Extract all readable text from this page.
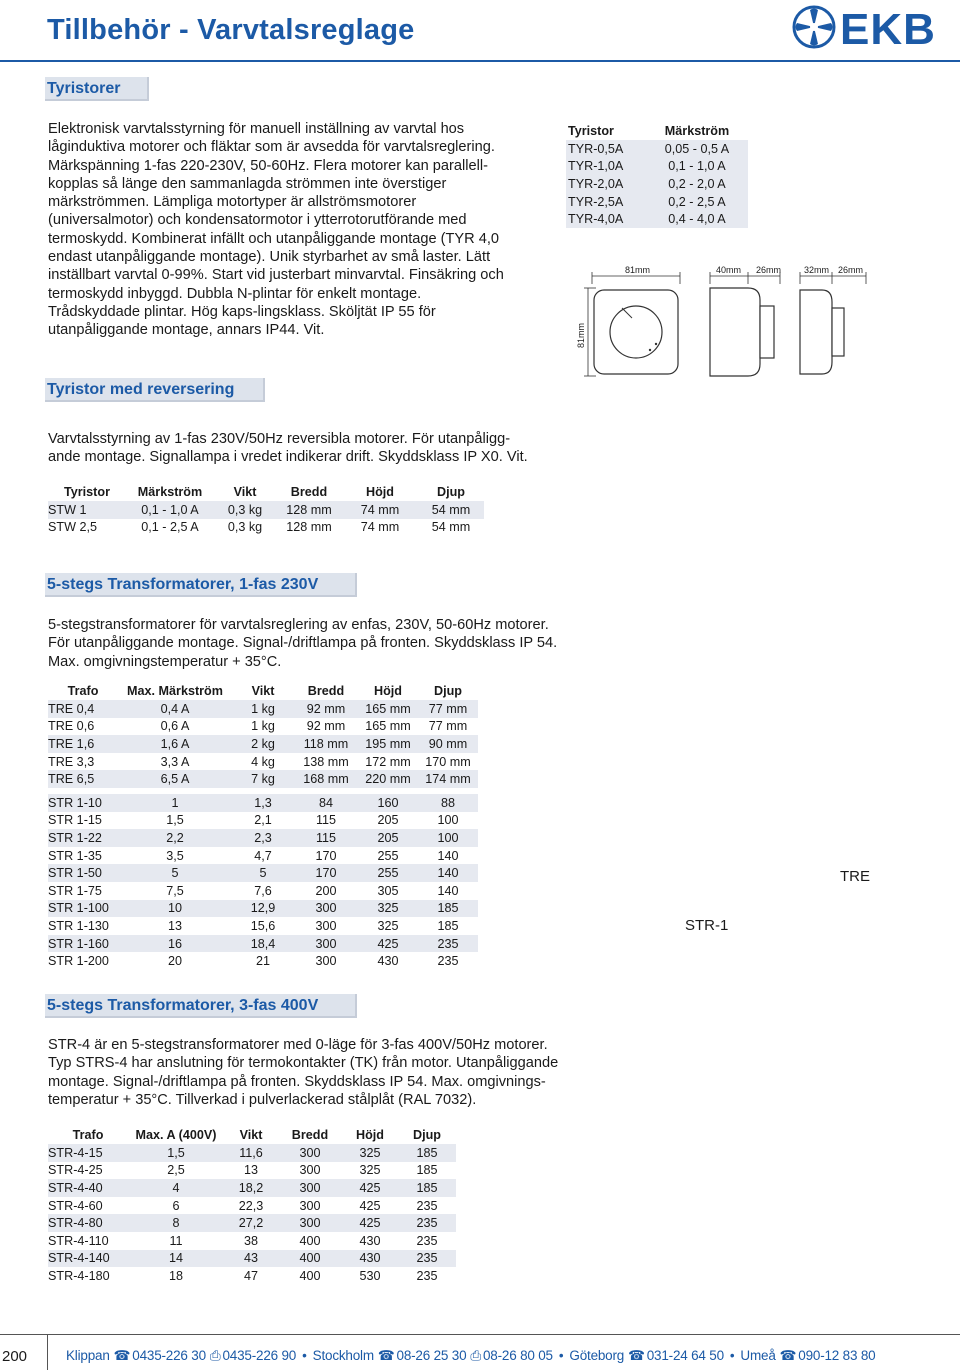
Tillbehör - Varvtalsreglage	EKB
Tyristorer
Elektronisk varvtalsstyrning för manuell inställning av varvtal hos
låginduktiva motorer och fläktar som är avsedda för varvtalsreglering.
Märkspänning 1-fas 220-230V, 50-60Hz. Flera motorer kan parallell-
kopplas så länge den sammanlagda strömmen inte överstiger
märkströmmen. Lämpliga motortyper är allströmsmotorer
(universalmotor) och kondensatormotor i ytterrotorutförande med
termoskydd. Kombinerat infällt och utanpåliggande montage (TYR 4,0
endast utanpåliggande montage). Unik styrbarhet av små laster. Lätt
inställbart varvtal 0-99%. Start vid justerbart minvarvtal. Finsäkring och
termoskydd inbyggd. Dubbla N-plintar för enkelt montage.
Trådskyddade plintar. Hög kaps-lingsklass. Sköljtät IP 55 för
utanpåliggande montage, annars IP44. Vit.
Tyristor	Märkström
TYR-0,5A	0,05 - 0,5 A
TYR-1,0A	0,1 - 1,0 A
TYR-2,0A	0,2 - 2,0 A
TYR-2,5A	0,2 - 2,5 A
TYR-4,0A	0,4 - 4,0 A
81mm
81mm
40mm 26mm	32mm 26mm
Tyristor med reversering
Varvtalsstyrning av 1-fas 230V/50Hz reversibla motorer. För utanpåligg-
ande montage. Signallampa i vredet indikerar drift. Skyddsklass IP X0. Vit.
Tyristor	Märkström	Vikt	Bredd	Höjd	Djup
STW 1	0,1 - 1,0 A	0,3 kg	128 mm	74 mm	54 mm
STW 2,5	0,1 - 2,5 A	0,3 kg	128 mm	74 mm	54 mm
5-stegs Transformatorer, 1-fas 230V
5-stegstransformatorer för varvtalsreglering av enfas, 230V, 50-60Hz motorer.
För utanpåliggande montage. Signal-/driftlampa på fronten. Skyddsklass IP 54.
Max. omgivningstemperatur + 35°C.
Trafo	Max. Märkström	Vikt	Bredd	Höjd	Djup
TRE 0,4	0,4 A	1 kg	92 mm	165 mm	77 mm
TRE 0,6	0,6 A	1 kg	92 mm	165 mm	77 mm
TRE 1,6	1,6 A	2 kg	118 mm	195 mm	90 mm
TRE 3,3	3,3 A	4 kg	138 mm	172 mm	170 mm
TRE 6,5	6,5 A	7 kg	168 mm	220 mm	174 mm

STR 1-10	1	1,3	84	160	88
STR 1-15	1,5	2,1	115	205	100
STR 1-22	2,2	2,3	115	205	100
STR 1-35	3,5	4,7	170	255	140
STR 1-50	5	5	170	255	140
STR 1-75	7,5	7,6	200	305	140
STR 1-100	10	12,9	300	325	185
STR 1-130	13	15,6	300	325	185
STR 1-160	16	18,4	300	425	235
STR 1-200	20	21	300	430	235
TRE
STR-1
5-stegs Transformatorer, 3-fas 400V
STR-4 är en 5-stegstransformatorer med 0-läge för 3-fas 400V/50Hz motorer.
Typ STRS-4 har anslutning för termokontakter (TK) från motor. Utanpåliggande
montage. Signal-/driftlampa på fronten. Skyddsklass IP 54. Max. omgivnings-
temperatur + 35°C. Tillverkad i pulverlackerad stålplåt (RAL 7032).
Trafo	Max. A (400V)	Vikt	Bredd	Höjd	Djup
STR-4-15	1,5	11,6	300	325	185
STR-4-25	2,5	13	300	325	185
STR-4-40	4	18,2	300	425	185
STR-4-60	6	22,3	300	425	235
STR-4-80	8	27,2	300	425	235
STR-4-110	11	38	400	430	235
STR-4-140	14	43	400	430	235
STR-4-180	18	47	400	530	235
200	Klippan ☎ 0435-226 30 ⎙ 0435-226 90 • Stockholm ☎ 08-26 25 30 ⎙ 08-26 80 05 • Göteborg ☎ 031-24 64 50 • Umeå ☎ 090-12 83 80
